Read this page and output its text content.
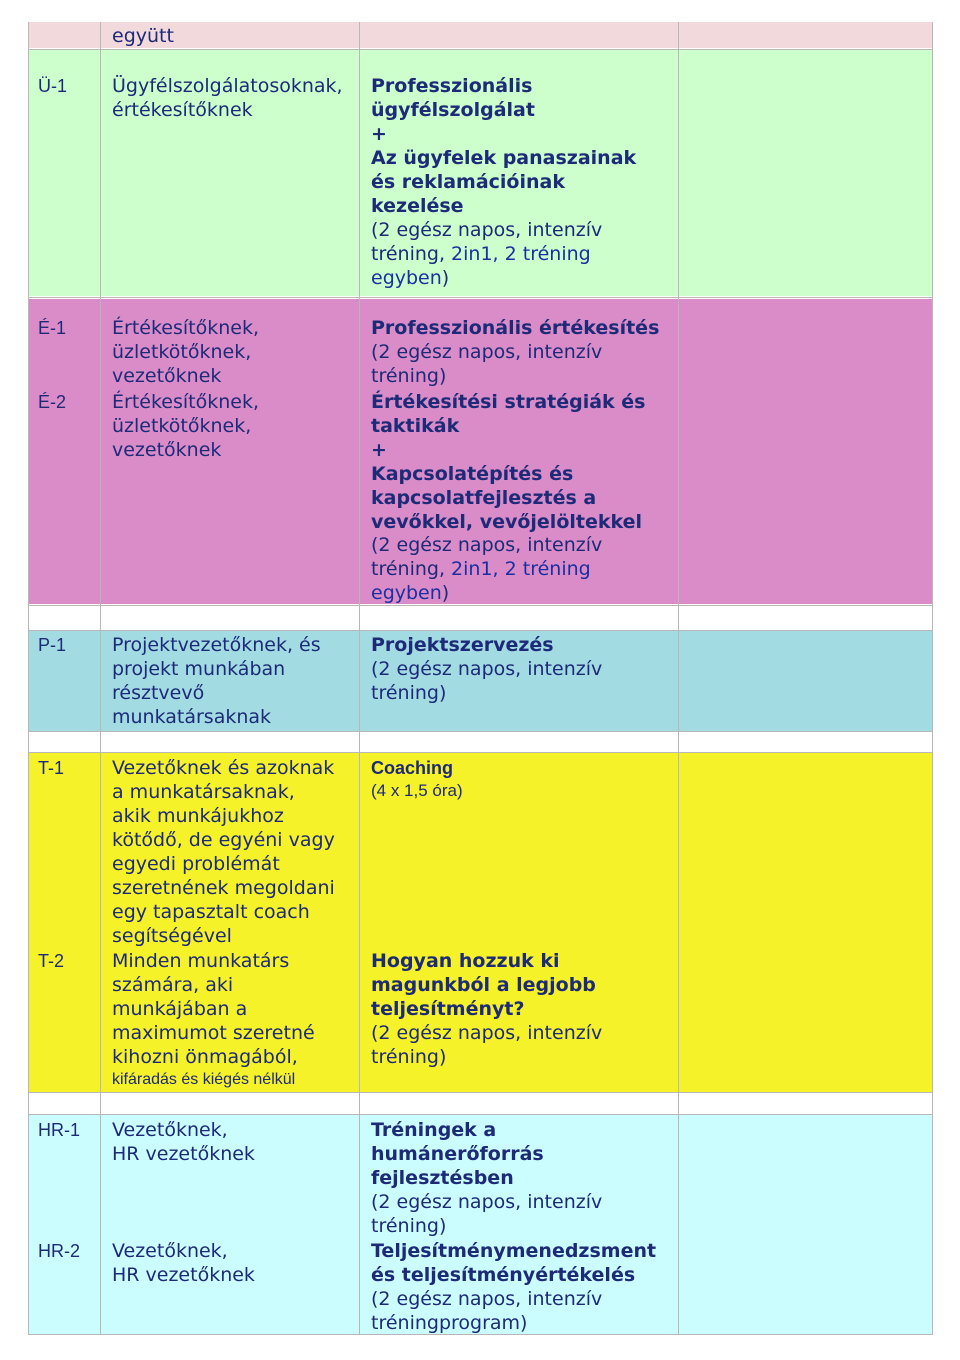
együtt
Ü-1 Ügyfélszolgálatosoknak,
értékesítőknek
Professzionális
ügyfélszolgálat
+
Az ügyfelek panaszainak
és reklamációinak
kezelése
(2 egész napos, intenzív
tréning, 2in1, 2 tréning
egyben)
É-1 Értékesítőknek,
üzletkötőknek,
vezetőknek
Professzionális értékesítés
(2 egész napos, intenzív
tréning)
É-2 Értékesítőknek,
üzletkötőknek,
vezetőknek
Értékesítési stratégiák és
taktikák
+
Kapcsolatépítés és
kapcsolatfejlesztés a
vevőkkel, vevőjelöltekkel
(2 egész napos, intenzív
tréning, 2in1, 2 tréning
egyben)
P-1 Projektvezetőknek, és
projekt munkában
résztvevő
munkatársaknak
Projektszervezés
(2 egész napos, intenzív
tréning)
T-1	Vezetőknek és azoknak
a munkatársaknak,
akik munkájukhoz
kötődő, de egyéni vagy
egyedi problémát
szeretnének megoldani
egy tapasztalt coach
segítségével
Coaching
(4 x 1,5 óra)
T-2	Minden munkatárs
számára, aki
munkájában a
maximumot szeretné
kihozni önmagából,
kifáradás és kiégés nélkül
Hogyan hozzuk ki
magunkból a legjobb
teljesítményt?
(2 egész napos, intenzív
tréning)
HR-1 Vezetőknek,
HR vezetőknek
Tréningek a
humánerőforrás
fejlesztésben
(2 egész napos, intenzív
tréning)
HR-2 Vezetőknek,
HR vezetőknek
Teljesítménymenedzsment
és teljesítményértékelés
(2 egész napos, intenzív
tréningprogram)
